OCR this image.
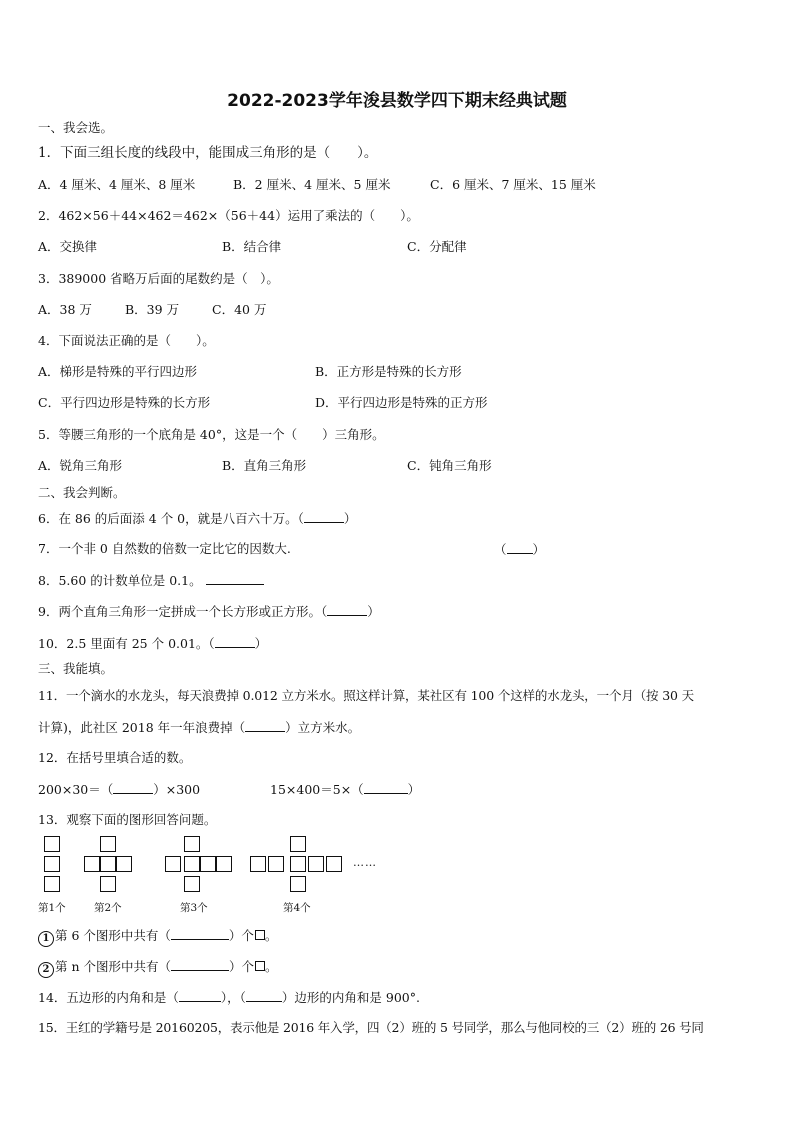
2022-2023学年浚县数学四下期末经典试题
一、我会选。
1．下面三组长度的线段中，能围成三角形的是（　　）。
A．4 厘米、4 厘米、8 厘米	B．2 厘米、4 厘米、5 厘米	C．6 厘米、7 厘米、15 厘米
2．462×56＋44×462＝462×（56＋44）运用了乘法的（　　）。
A．交换律	B．结合律	C．分配律
3．389000 省略万后面的尾数约是（　）。
A．38 万	B．39 万	C．40 万
4．下面说法正确的是（　　）。
A．梯形是特殊的平行四边形	B．正方形是特殊的长方形
C．平行四边形是特殊的长方形	D．平行四边形是特殊的正方形
5．等腰三角形的一个底角是 40°，这是一个（　　）三角形。
A．锐角三角形	B．直角三角形	C．钝角三角形
二、我会判断。
6．在 86 的后面添 4 个 0，就是八百六十万。（	）
7．一个非 0 自然数的倍数一定比它的因数大.	（ ）
8．5.60 的计数单位是 0.1。
9．两个直角三角形一定拼成一个长方形或正方形。（	）
10．2.5 里面有 25 个 0.01。（	）
三、我能填。
11．一个滴水的水龙头，每天浪费掉 0.012 立方米水。照这样计算，某社区有 100 个这样的水龙头，一个月（按 30 天
计算)，此社区 2018 年一年浪费掉（	）立方米水。
12．在括号里填合适的数。
200×30＝（	）×300	15×400＝5×（	）
13．观察下面的图形回答问题。
……
第1个	第2个	第3个	第4个
1 第 6 个图形中共有（	）个 。
2 第 n 个图形中共有（	）个 。
14．五边形的内角和是（	），（	）边形的内角和是 900°.
15．王红的学籍号是 20160205，表示他是 2016 年入学，四（2）班的 5 号同学，那么与他同校的三（2）班的 26 号同
